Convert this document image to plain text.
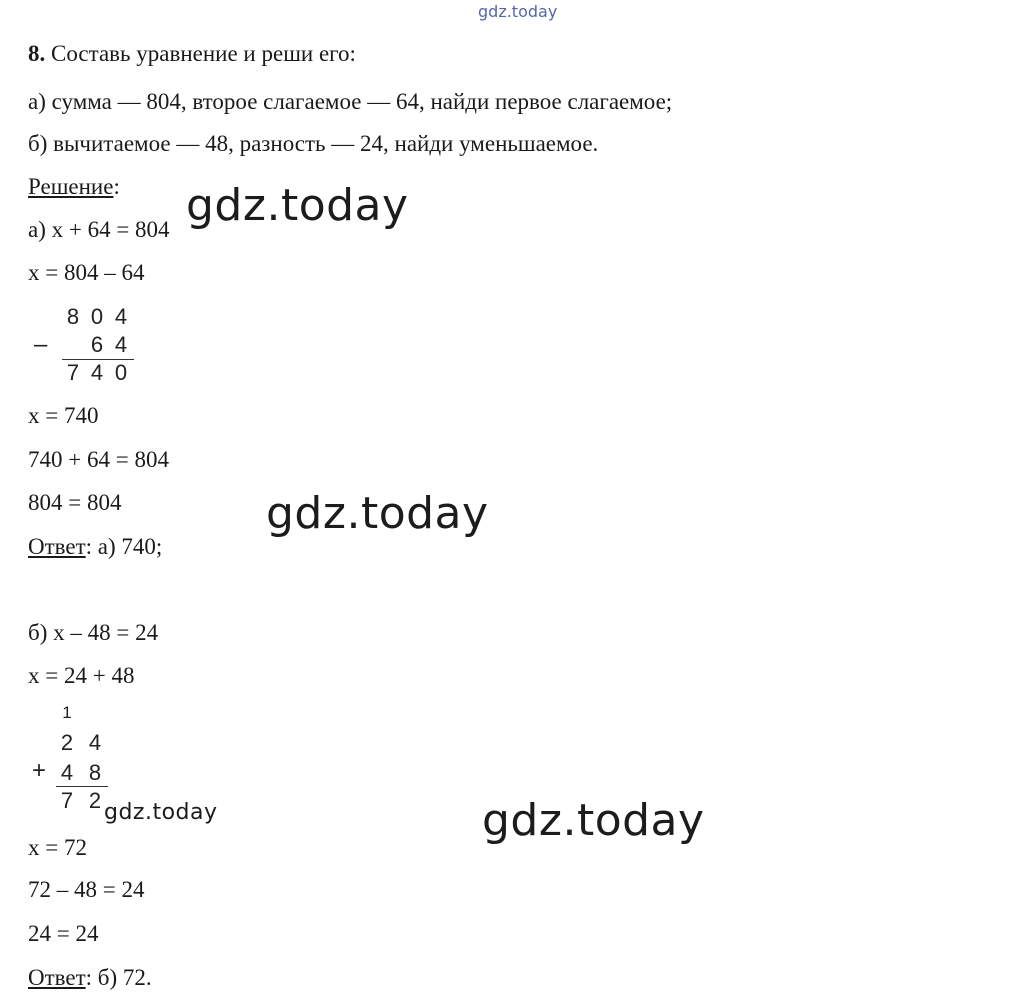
gdz.today
gdz.today
gdz.today
gdz.today	gdz.today
8. Составь уравнение и реши его:
а) сумма — 804, второе слагаемое — 64, найди первое слагаемое;
б) вычитаемое — 48, разность — 24, найди уменьшаемое.
Решение:
а) x + 64 = 804
x = 804 – 64
–
8 0 4
6 4
7 4 0
x = 740
740 + 64 = 804
804 = 804
Ответ: а) 740;
б) x – 48 = 24
x = 24 + 48
1
+
2 4
4 8
7 2
x = 72
72 – 48 = 24
24 = 24
Ответ: б) 72.
